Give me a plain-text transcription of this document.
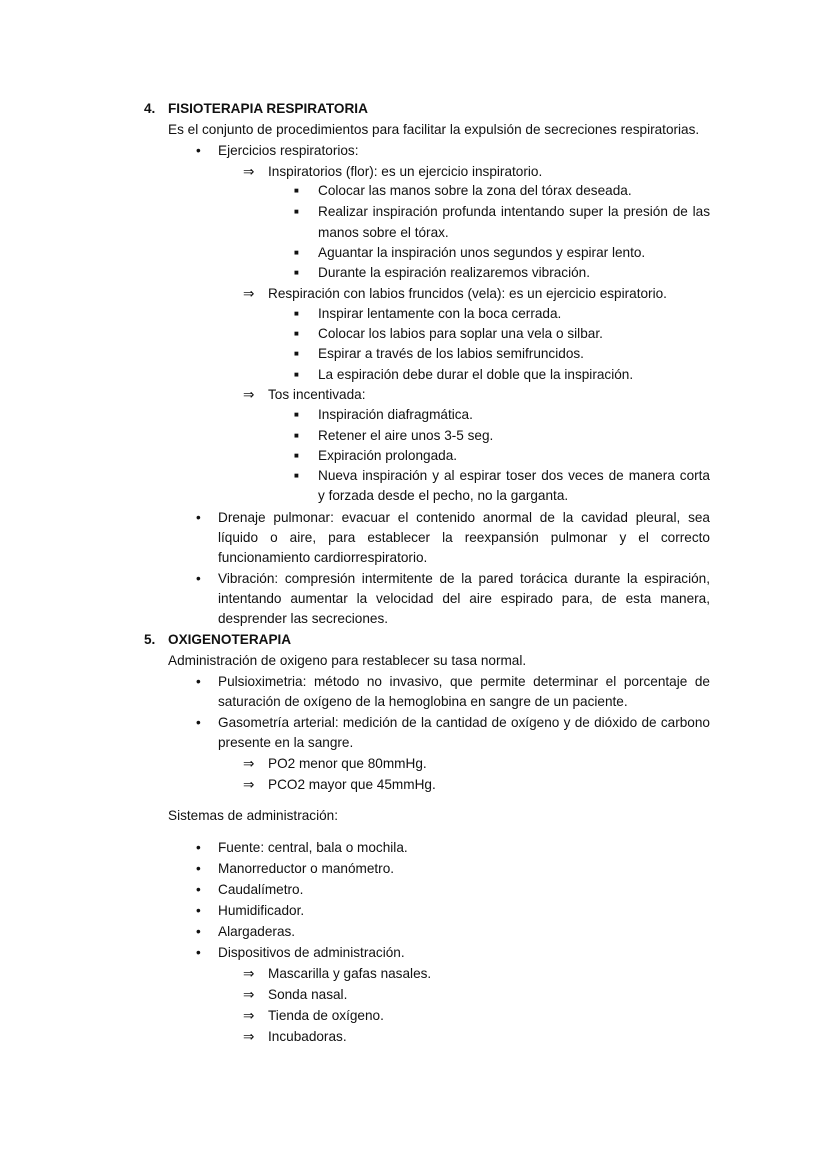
4. FISIOTERAPIA RESPIRATORIA
Es el conjunto de procedimientos para facilitar la expulsión de secreciones respiratorias.
• Ejercicios respiratorios:
⇒ Inspiratorios (flor): es un ejercicio inspiratorio.
■ Colocar las manos sobre la zona del tórax deseada.
■ Realizar inspiración profunda intentando super la presión de las
manos sobre el tórax.
■ Aguantar la inspiración unos segundos y espirar lento.
■ Durante la espiración realizaremos vibración.
⇒ Respiración con labios fruncidos (vela): es un ejercicio espiratorio.
■ Inspirar lentamente con la boca cerrada.
■ Colocar los labios para soplar una vela o silbar.
■ Espirar a través de los labios semifruncidos.
■ La espiración debe durar el doble que la inspiración.
⇒ Tos incentivada:
■ Inspiración diafragmática.
■ Retener el aire unos 3-5 seg.
■ Expiración prolongada.
■ Nueva inspiración y al espirar toser dos veces de manera corta
y forzada desde el pecho, no la garganta.
• Drenaje pulmonar: evacuar el contenido anormal de la cavidad pleural, sea
líquido o aire, para establecer la reexpansión pulmonar y el correcto
funcionamiento cardiorrespiratorio.
• Vibración: compresión intermitente de la pared torácica durante la espiración,
intentando aumentar la velocidad del aire espirado para, de esta manera,
desprender las secreciones.
5. OXIGENOTERAPIA
Administración de oxigeno para restablecer su tasa normal.
• Pulsioximetria: método no invasivo, que permite determinar el porcentaje de
saturación de oxígeno de la hemoglobina en sangre de un paciente.
• Gasometría arterial: medición de la cantidad de oxígeno y de dióxido de carbono
presente en la sangre.
⇒ PO2 menor que 80mmHg.
⇒ PCO2 mayor que 45mmHg.
Sistemas de administración:
• Fuente: central, bala o mochila.
• Manorreductor o manómetro.
• Caudalímetro.
• Humidificador.
• Alargaderas.
• Dispositivos de administración.
⇒ Mascarilla y gafas nasales.
⇒ Sonda nasal.
⇒ Tienda de oxígeno.
⇒ Incubadoras.
